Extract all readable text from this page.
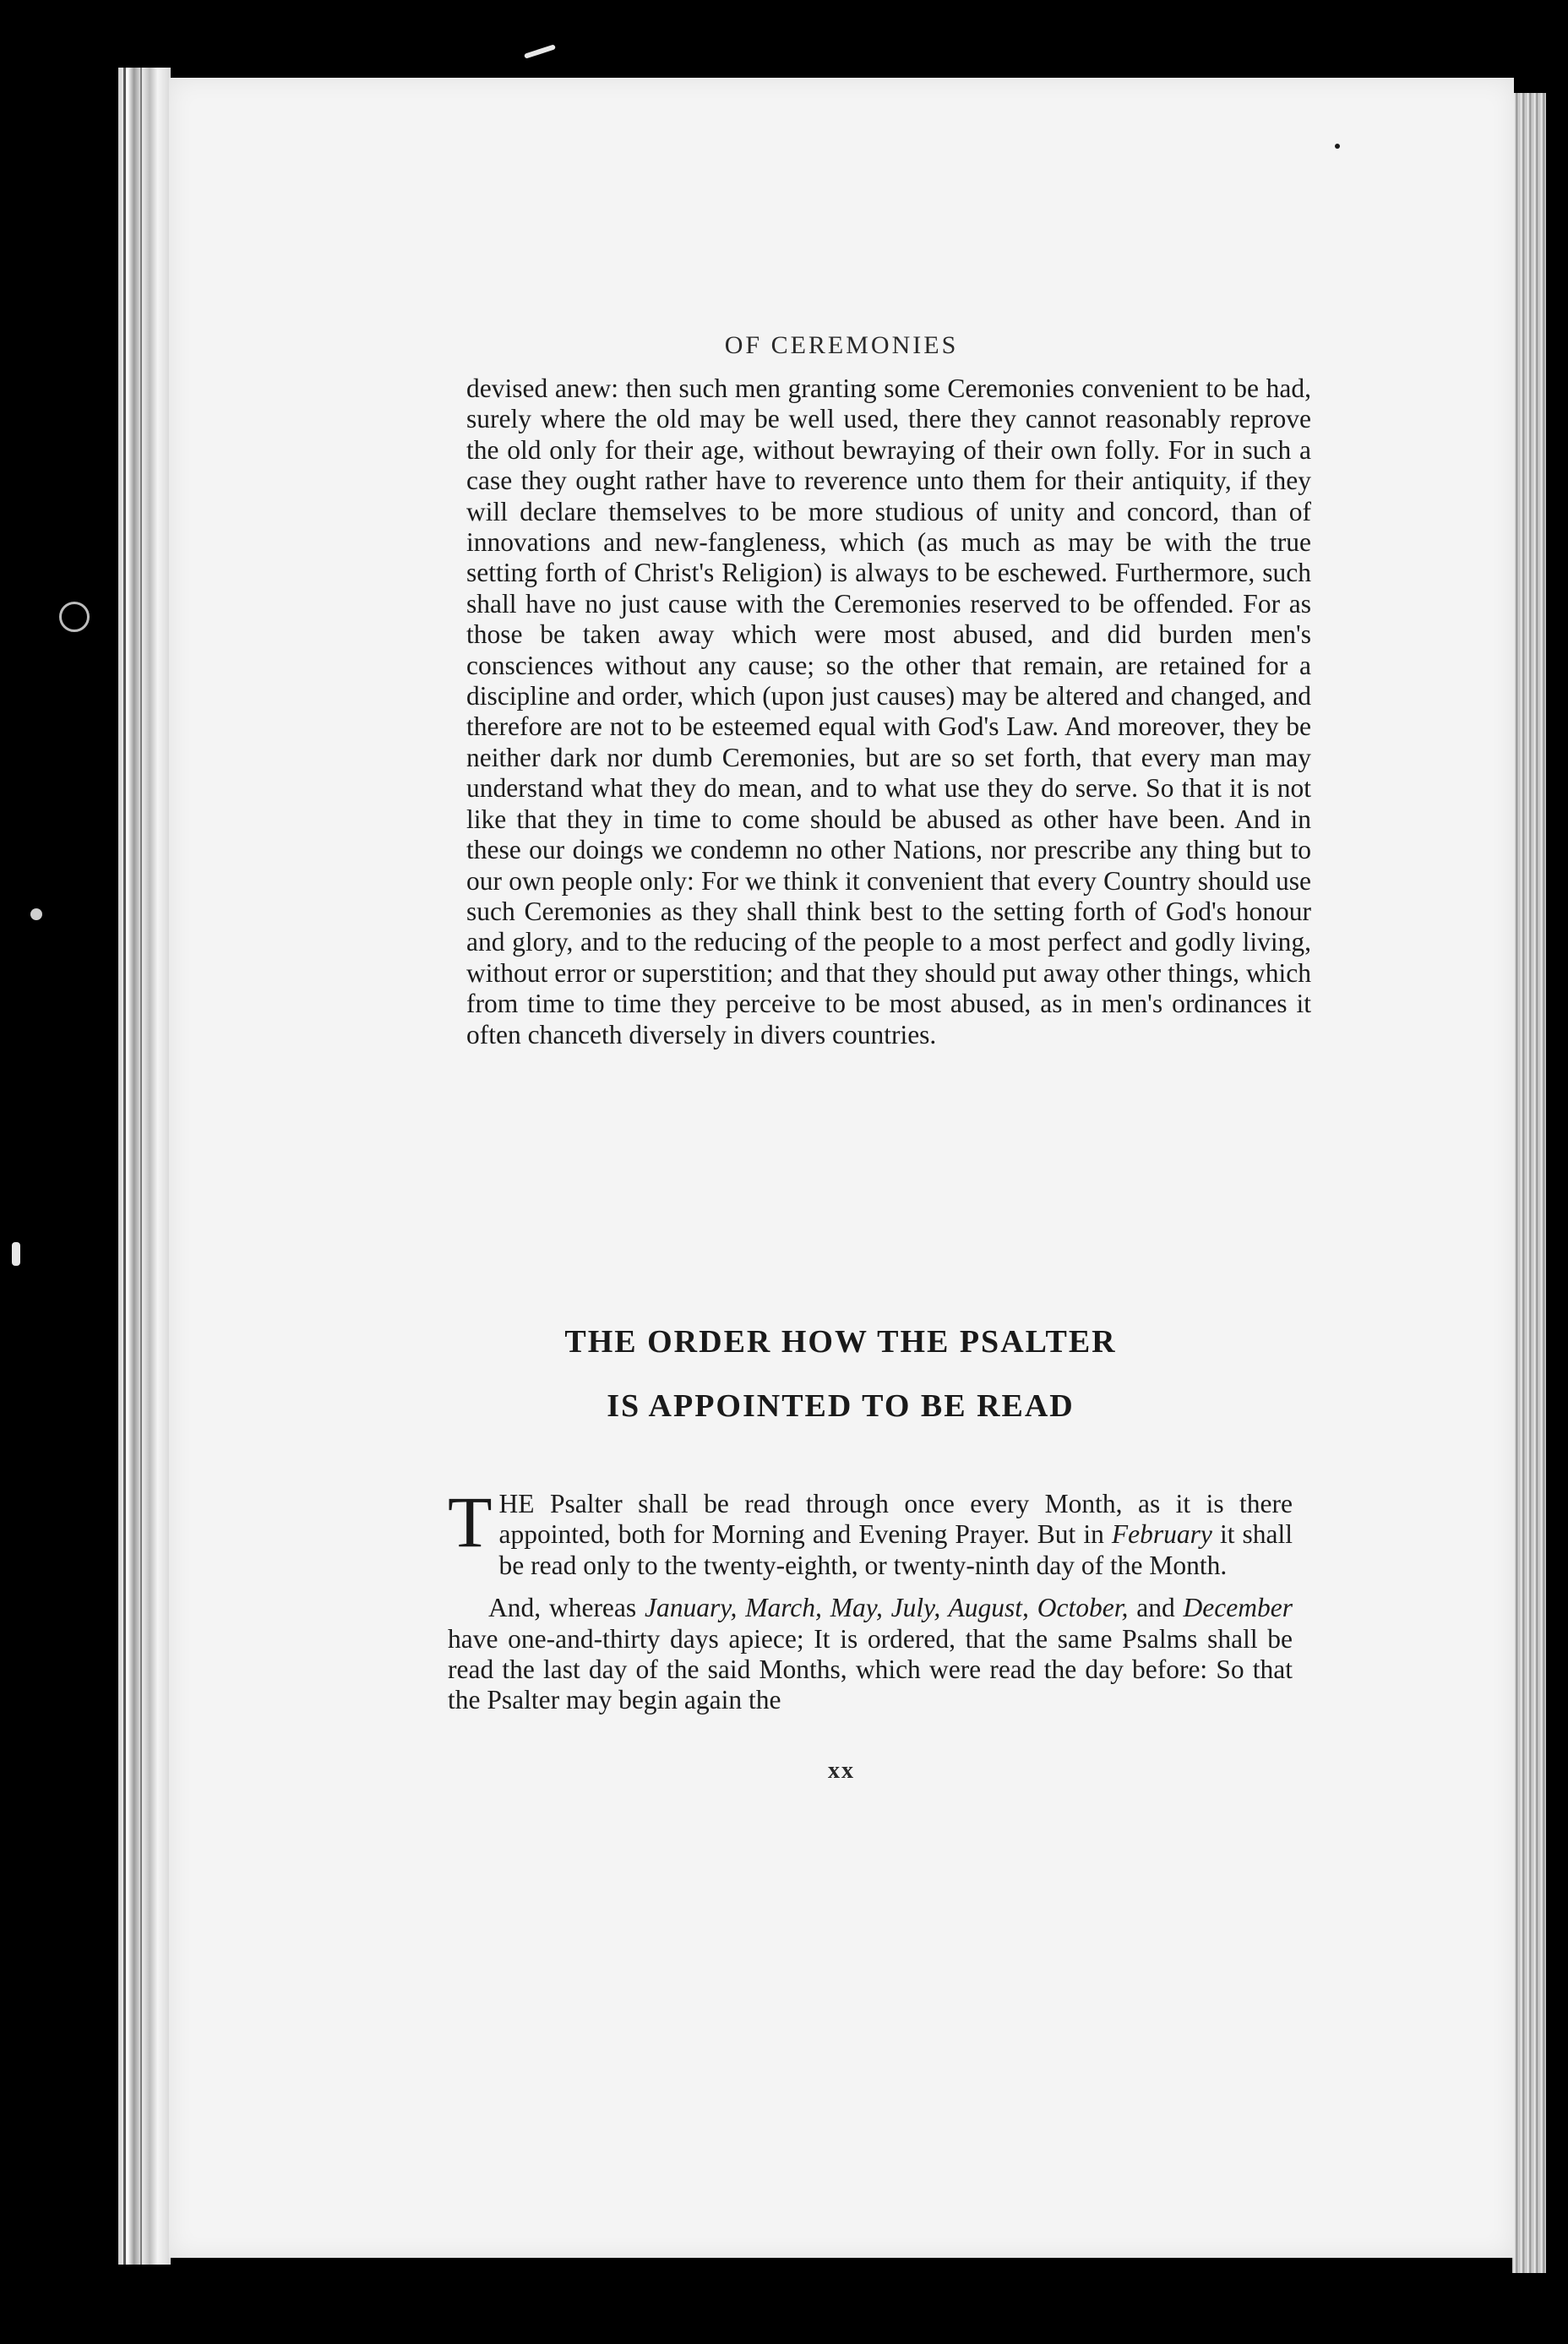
OF CEREMONIES

devised anew: then such men granting some Ceremonies convenient to be had, surely where the old may be well used, there they cannot reasonably reprove the old only for their age, without bewraying of their own folly. For in such a case they ought rather have to reverence unto them for their antiquity, if they will declare themselves to be more studious of unity and concord, than of innovations and new-fangleness, which (as much as may be with the true setting forth of Christ's Religion) is always to be eschewed. Furthermore, such shall have no just cause with the Ceremonies reserved to be offended. For as those be taken away which were most abused, and did burden men's consciences without any cause; so the other that remain, are retained for a discipline and order, which (upon just causes) may be altered and changed, and therefore are not to be esteemed equal with God's Law. And moreover, they be neither dark nor dumb Ceremonies, but are so set forth, that every man may understand what they do mean, and to what use they do serve. So that it is not like that they in time to come should be abused as other have been. And in these our doings we condemn no other Nations, nor prescribe any thing but to our own people only: For we think it convenient that every Country should use such Ceremonies as they shall think best to the setting forth of God's honour and glory, and to the reducing of the people to a most perfect and godly living, without error or superstition; and that they should put away other things, which from time to time they perceive to be most abused, as in men's ordinances it often chanceth diversely in divers countries.

THE ORDER HOW THE PSALTER
IS APPOINTED TO BE READ

THE Psalter shall be read through once every Month, as it is there appointed, both for Morning and Evening Prayer. But in February it shall be read only to the twenty-eighth, or twenty-ninth day of the Month.

And, whereas January, March, May, July, August, October, and December have one-and-thirty days apiece; It is ordered, that the same Psalms shall be read the last day of the said Months, which were read the day before: So that the Psalter may begin again the

xx
